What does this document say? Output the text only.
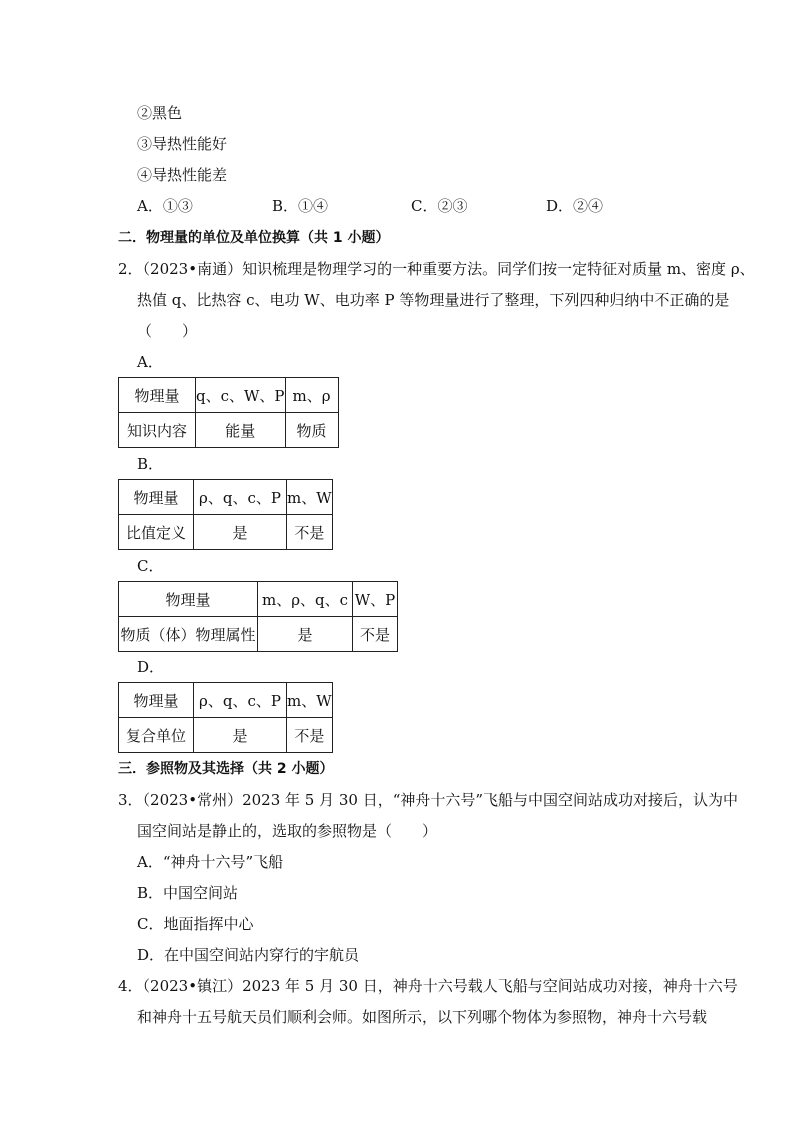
②黑色
③导热性能好
④导热性能差
A．①③	B．①④	C．②③	D．②④
二．物理量的单位及单位换算（共 1 小题）
2．（2023•南通）知识梳理是物理学习的一种重要方法。同学们按一定特征对质量 m、密度 ρ、
热值 q、比热容 c、电功 W、电功率 P 等物理量进行了整理，下列四种归纳中不正确的是
（　　）
A．
物理量	q、c、W、P	m、ρ
知识内容	能量	物质
B．
物理量	ρ、q、c、P	m、W
比值定义	是	不是
C．
物理量	m、ρ、q、c	W、P
物质（体）物理属性	是	不是
D．
物理量	ρ、q、c、P	m、W
复合单位	是	不是
三．参照物及其选择（共 2 小题）
3．（2023•常州）2023 年 5 月 30 日，“神舟十六号”飞船与中国空间站成功对接后，认为中
国空间站是静止的，选取的参照物是（　　）
A．“神舟十六号”飞船
B．中国空间站
C．地面指挥中心
D．在中国空间站内穿行的宇航员
4．（2023•镇江）2023 年 5 月 30 日，神舟十六号载人飞船与空间站成功对接，神舟十六号
和神舟十五号航天员们顺利会师。如图所示，以下列哪个物体为参照物，神舟十六号载
